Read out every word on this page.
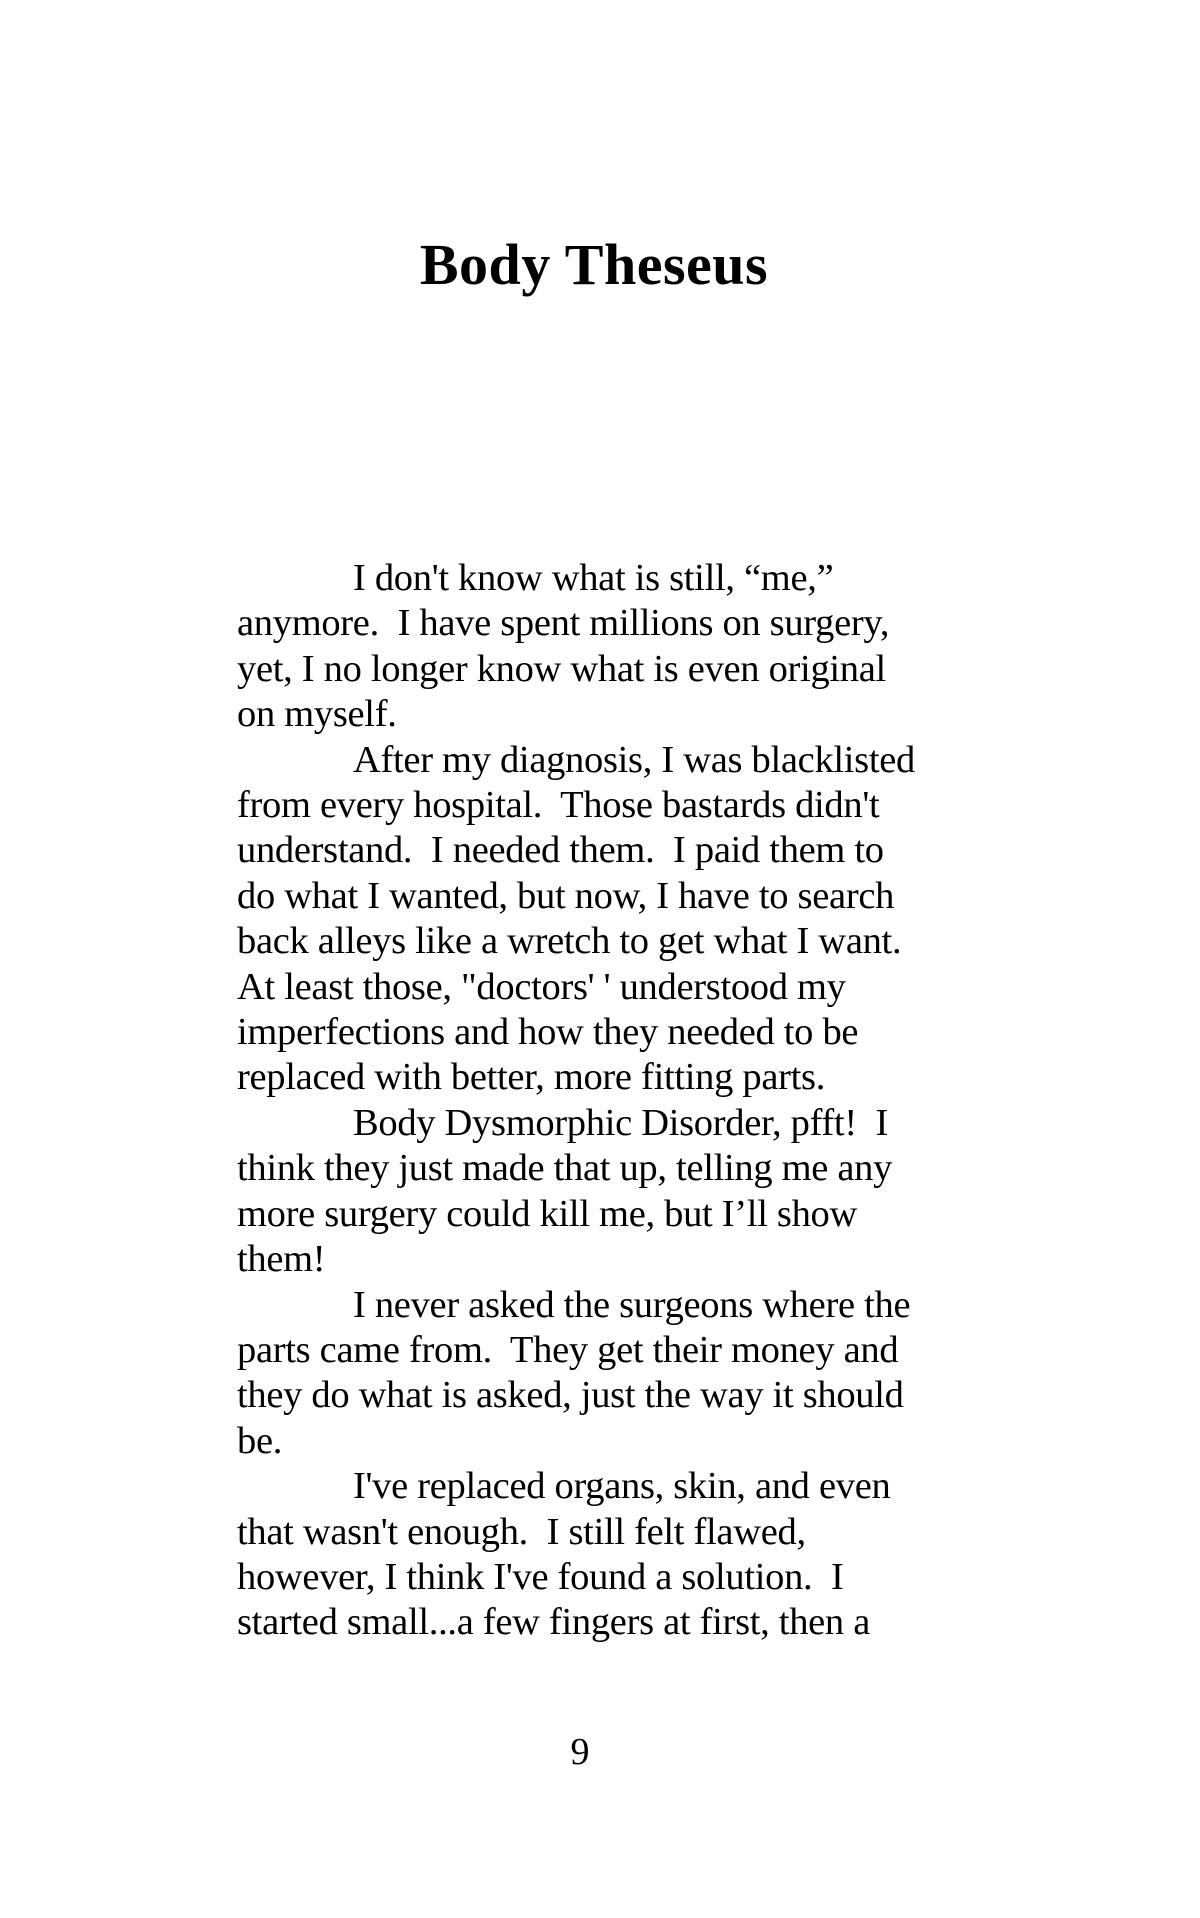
Body Theseus
I don't know what is still, “me,”
anymore.  I have spent millions on surgery,
yet, I no longer know what is even original
on myself.
After my diagnosis, I was blacklisted
from every hospital.  Those bastards didn't
understand.  I needed them.  I paid them to
do what I wanted, but now, I have to search
back alleys like a wretch to get what I want.
At least those, "doctors' ' understood my
imperfections and how they needed to be
replaced with better, more fitting parts.
Body Dysmorphic Disorder, pfft!  I
think they just made that up, telling me any
more surgery could kill me, but I’ll show
them!
I never asked the surgeons where the
parts came from.  They get their money and
they do what is asked, just the way it should
be.
I've replaced organs, skin, and even
that wasn't enough.  I still felt flawed,
however, I think I've found a solution.  I
started small...a few fingers at first, then a
9
